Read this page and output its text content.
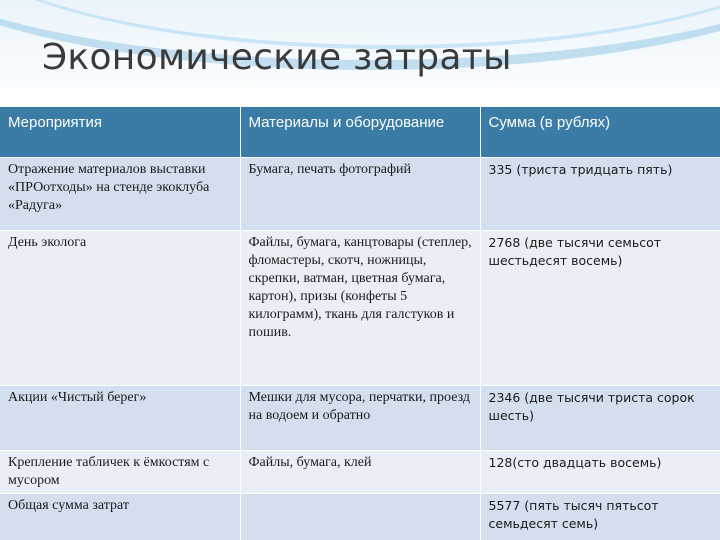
Экономические затраты
Мероприятия	Материалы и оборудование	Сумма (в рублях)
Отражение материалов выставки «ПРОотходы» на стенде экоклуба «Радуга»	Бумага, печать фотографий	335 (триста тридцать пять)
День эколога	Файлы, бумага, канцтовары (степлер, фломастеры, скотч, ножницы, скрепки, ватман, цветная бумага, картон), призы (конфеты 5 килограмм), ткань для галстуков и пошив.	2768 (две тысячи семьсот шестьдесят восемь)
Акции «Чистый берег»	Мешки для мусора, перчатки, проезд на водоем и обратно	2346 (две тысячи триста сорок шесть)
Крепление табличек к ёмкостям с мусором	Файлы, бумага, клей	128(сто двадцать восемь)
Общая сумма затрат		5577 (пять тысяч пятьсот семьдесят семь)
